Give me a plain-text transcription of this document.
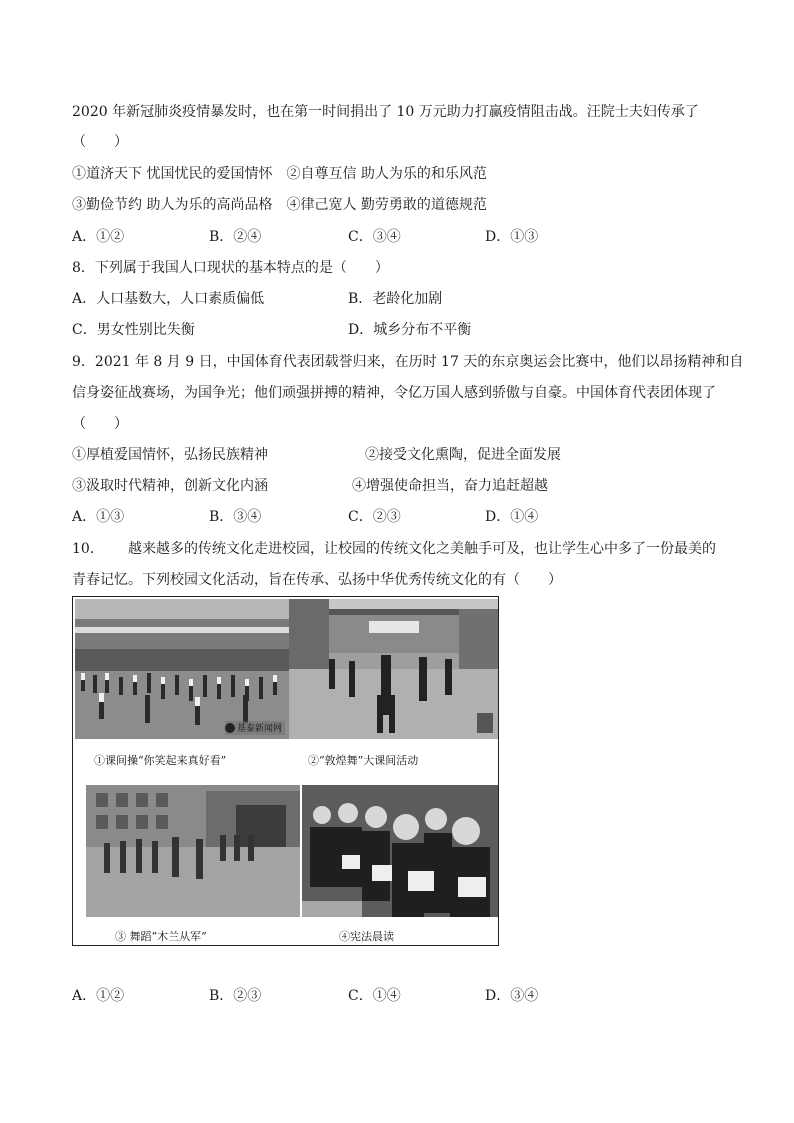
2020 年新冠肺炎疫情暴发时，也在第一时间捐出了 10 万元助力打赢疫情阻击战。汪院士夫妇传承了
（　　）
①道济天下 忧国忧民的爱国情怀　②自尊互信 助人为乐的和乐风范
③勤俭节约 助人为乐的高尚品格　④律己宽人 勤劳勇敢的道德规范
A．①②	B．②④	C．③④	D．①③
8．下列属于我国人口现状的基本特点的是（　　）
A．人口基数大，人口素质偏低	B．老龄化加剧
C．男女性别比失衡	D．城乡分布不平衡
9．2021 年 8 月 9 日，中国体育代表团载誉归来，在历时 17 天的东京奥运会比赛中，他们以昂扬精神和自
信身姿征战赛场，为国争光；他们顽强拼搏的精神，令亿万国人感到骄傲与自豪。中国体育代表团体现了
（　　）
①厚植爱国情怀，弘扬民族精神	②接受文化熏陶，促进全面发展
③汲取时代精神，创新文化内涵	④增强使命担当，奋力追赶超越
A．①③	B．③④	C．②③	D．①④
10． 越来越多的传统文化走进校园，让校园的传统文化之美触手可及，也让学生心中多了一份最美的
青春记忆。下列校园文化活动，旨在传承、弘扬中华优秀传统文化的有（　　）
基泰新闻网
①课间操“你笑起来真好看”	②“敦煌舞”大课间活动
③ 舞蹈“木兰从军”	④宪法晨读
A．①②	B．②③	C．①④	D．③④
